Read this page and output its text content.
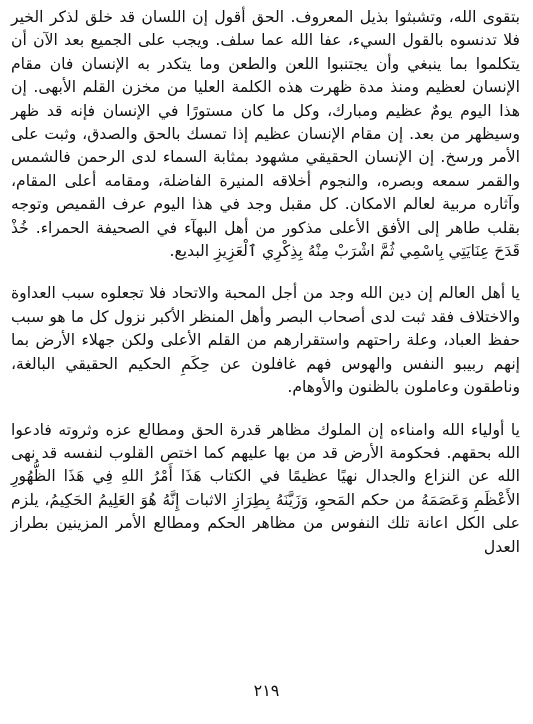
بتقوى الله، وتشبثوا بذيل المعروف. الحق أقول إن اللسان قد خلق لذكر الخير فلا تدنسوه بالقول السيء، عفا الله عما سلف. ويجب على الجميع بعد الآن أن يتكلموا بما ينبغي وأن يجتنبوا اللعن والطعن وما يتكدر به الإنسان فان مقام الإنسان لعظيم ومنذ مدة ظهرت هذه الكلمة العليا من مخزن القلم الأبهى. إن هذا اليوم يومٌ عظيم ومبارك، وكل ما كان مستورًا في الإنسان فإنه قد ظهر وسيظهر من بعد. إن مقام الإنسان عظيم إذا تمسك بالحق والصدق، وثبت على الأمر ورسخ. إن الإنسان الحقيقي مشهود بمثابة السماء لدى الرحمن فالشمس والقمر سمعه وبصره، والنجوم أخلاقه المنيرة الفاضلة، ومقامه أعلى المقام، وآثاره مربية لعالم الامكان. كل مقبل وجد في هذا اليوم عرف القميص وتوجه بقلب طاهر إلى الأفق الأعلى مذكور من أهل البهآء في الصحيفة الحمراء. خُذْ قَدَحَ عِنَايَتِي بِاسْمِي ثُمَّ اشْرَبْ مِنْهُ بِذِكْرِي ٱلْعَزِيزِ البديع.

يا أهل العالم إن دين الله وجد من أجل المحبة والاتحاد فلا تجعلوه سبب العداوة والاختلاف فقد ثبت لدى أصحاب البصر وأهل المنظر الأكبر نزول كل ما هو سبب حفظ العباد، وعلة راحتهم واستقرارهم من القلم الأعلى ولكن جهلاء الأرض بما إنهم ربيبو النفس والهوس فهم غافلون عن حِكَمِ الحكيم الحقيقي البالغة، وناطقون وعاملون بالظنون والأوهام.

يا أولياء الله وامناءه إن الملوك مظاهر قدرة الحق ومطالع عزه وثروته فادعوا الله بحقهم. فحكومة الأرض قد من بها عليهم كما اختص القلوب لنفسه قد نهى الله عن النزاع والجدال نهيًا عظيمًا في الكتاب هَذَا أَمْرُ اللهِ فِي هَذَا الظُّهُورِ الأَعْظَمِ وَعَصَمَهُ من حكم المَحوِ، وَزَيَّنَهُ بِطِرَازِ الاثبات إِنَّهُ هُوَ العَلِيمُ الحَكِيمُ، يلزم على الكل اعانة تلك النفوس من مظاهر الحكم ومطالع الأمر المزينين بطراز العدل

٢١٩
